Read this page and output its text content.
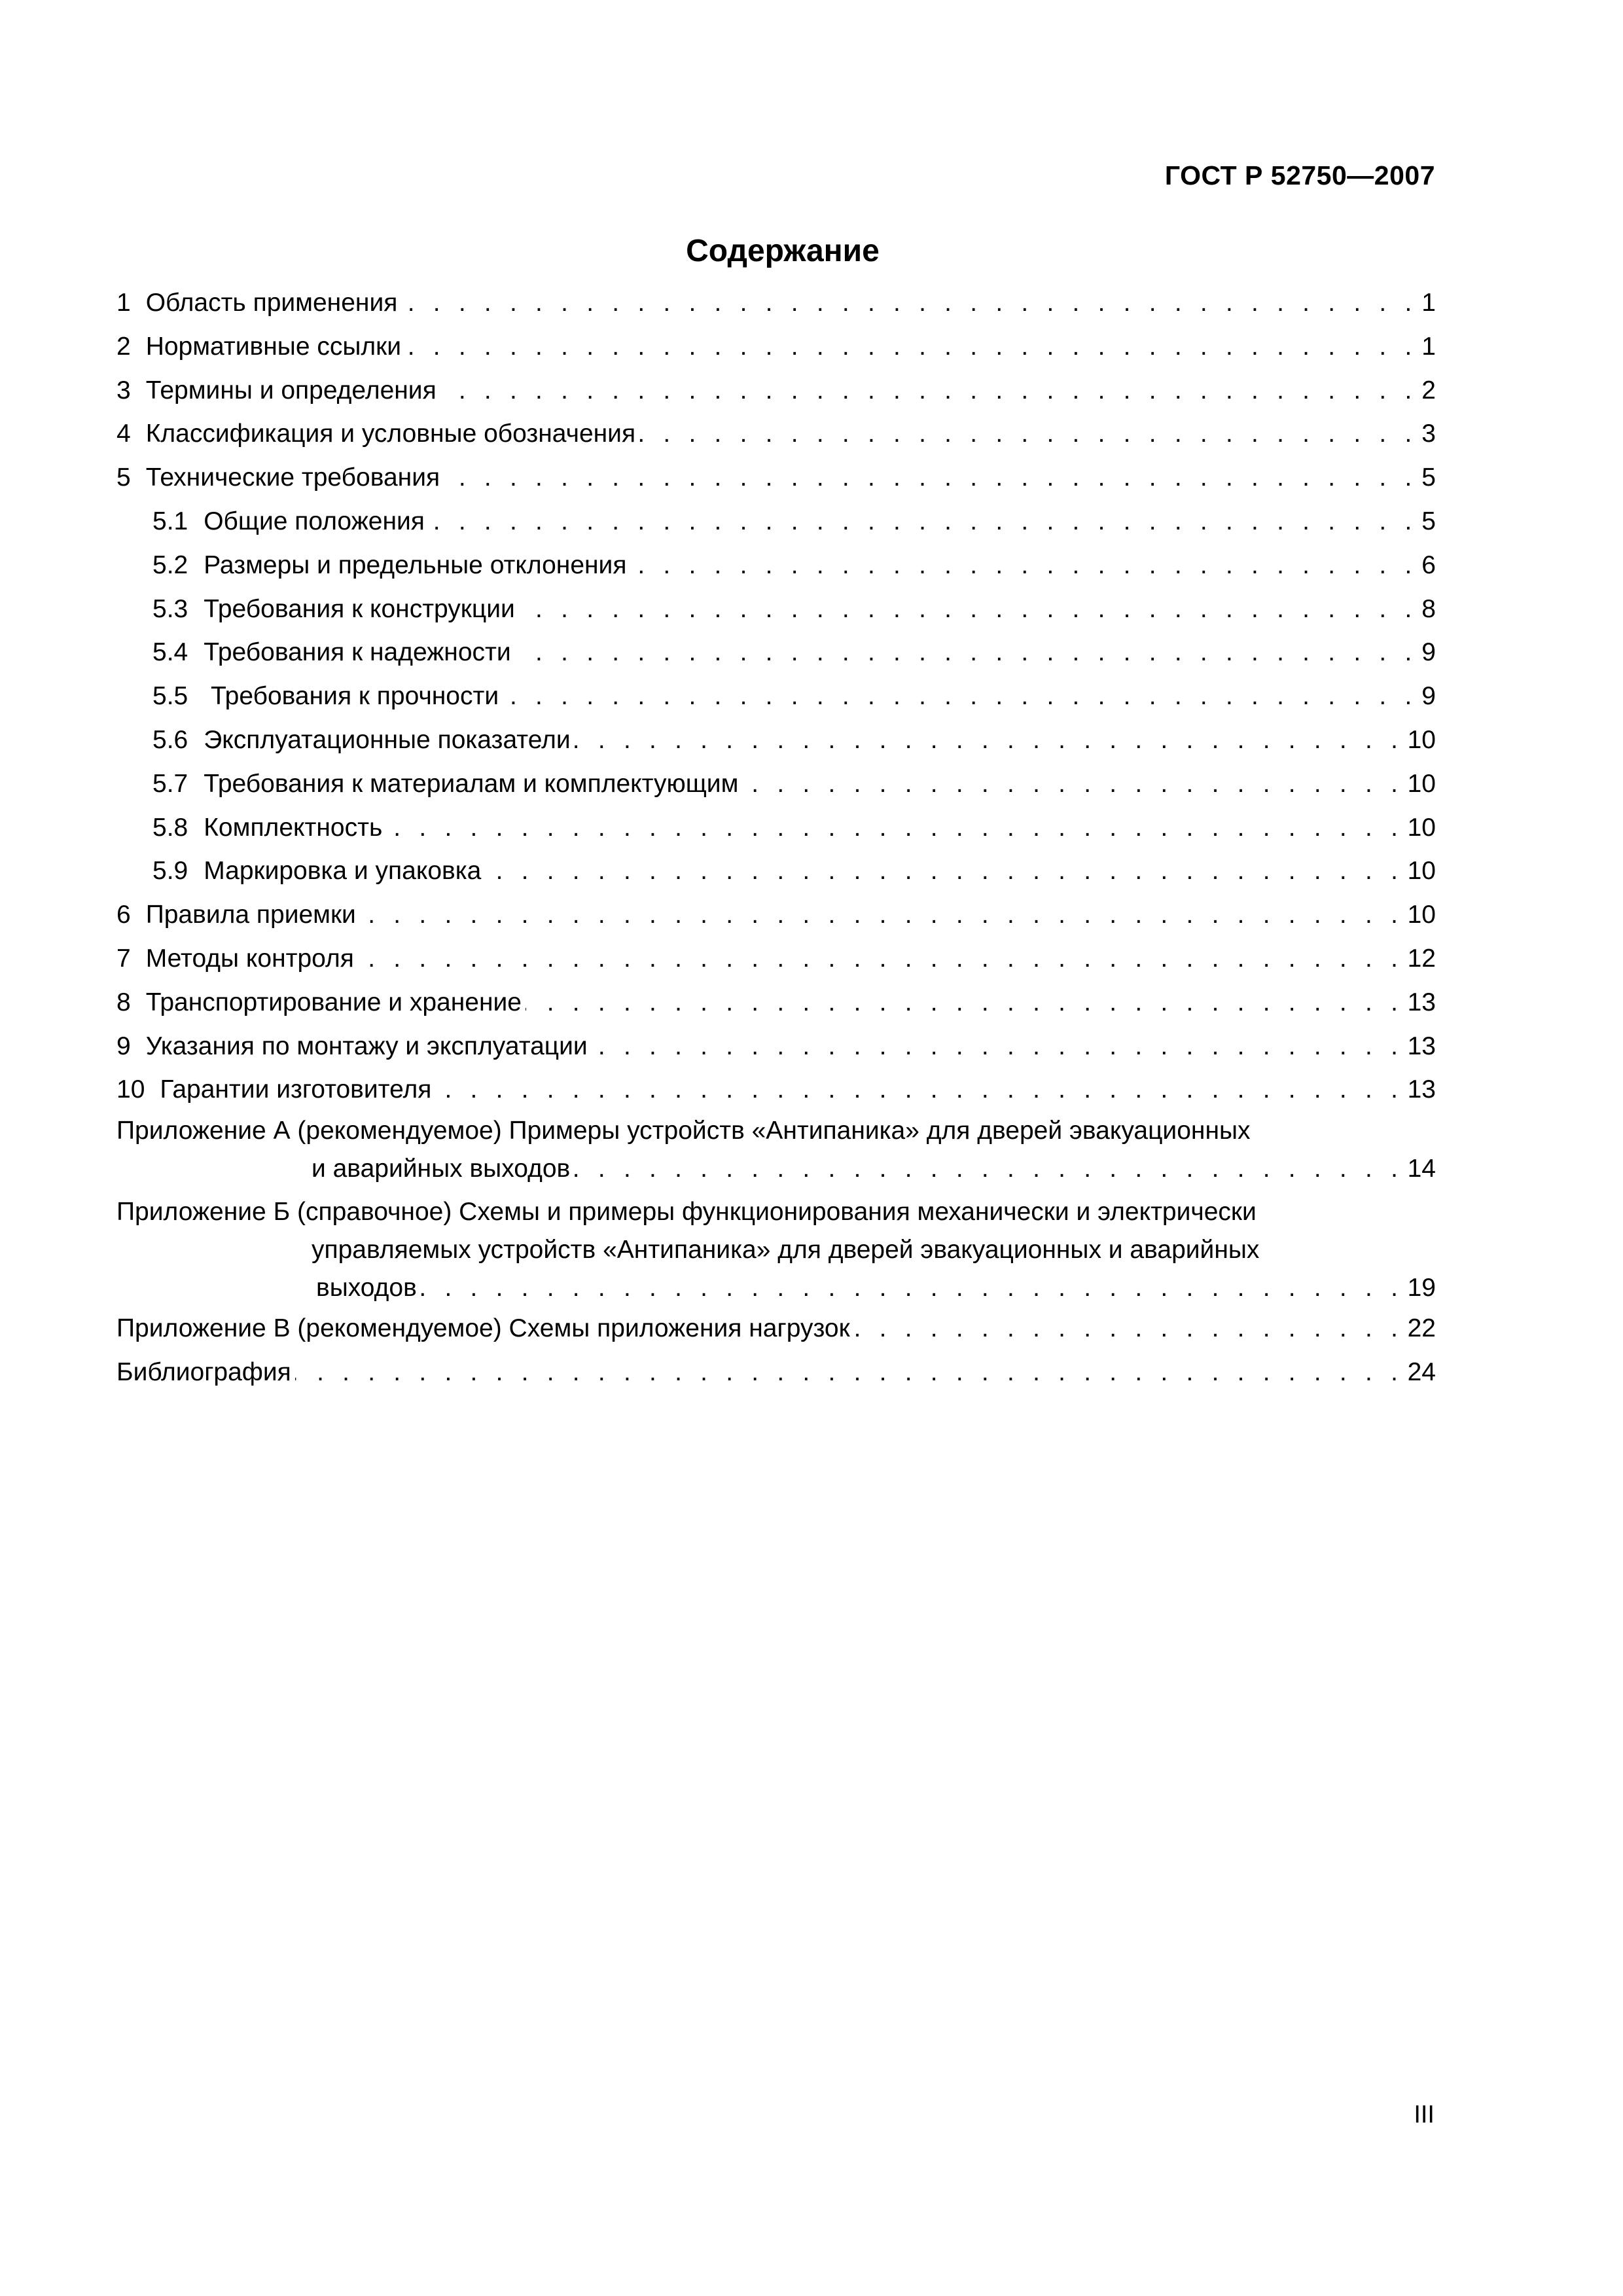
ГОСТ Р 52750—2007
Содержание
1 Область применения . . .	1
2 Нормативные ссылки . . .	1
3 Термины и определения . . .	2
4 Классификация и условные обозначения . . .	3
5 Технические требования . . .	5
5.1 Общие положения . . .	5
5.2 Размеры и предельные отклонения . . .	6
5.3 Требования к конструкции . . .	8
5.4 Требования к надежности . . .	9
5.5 Требования к прочности . . .	9
5.6 Эксплуатационные показатели . . .	10
5.7 Требования к материалам и комплектующим . . .	10
5.8 Комплектность . . .	10
5.9 Маркировка и упаковка . . .	10
6 Правила приемки . . .	10
7 Методы контроля . . .	12
8 Транспортирование и хранение . . .	13
9 Указания по монтажу и эксплуатации . . .	13
10 Гарантии изготовителя . . .	13
Приложение А (рекомендуемое) Примеры устройств «Антипаника» для дверей эвакуационных
и аварийных выходов . . .	14
Приложение Б (справочное) Схемы и примеры функционирования механически и электрически
управляемых устройств «Антипаника» для дверей эвакуационных и аварийных
выходов . . .	19
Приложение В (рекомендуемое) Схемы приложения нагрузок . . .	22
Библиография . . .	24
III
